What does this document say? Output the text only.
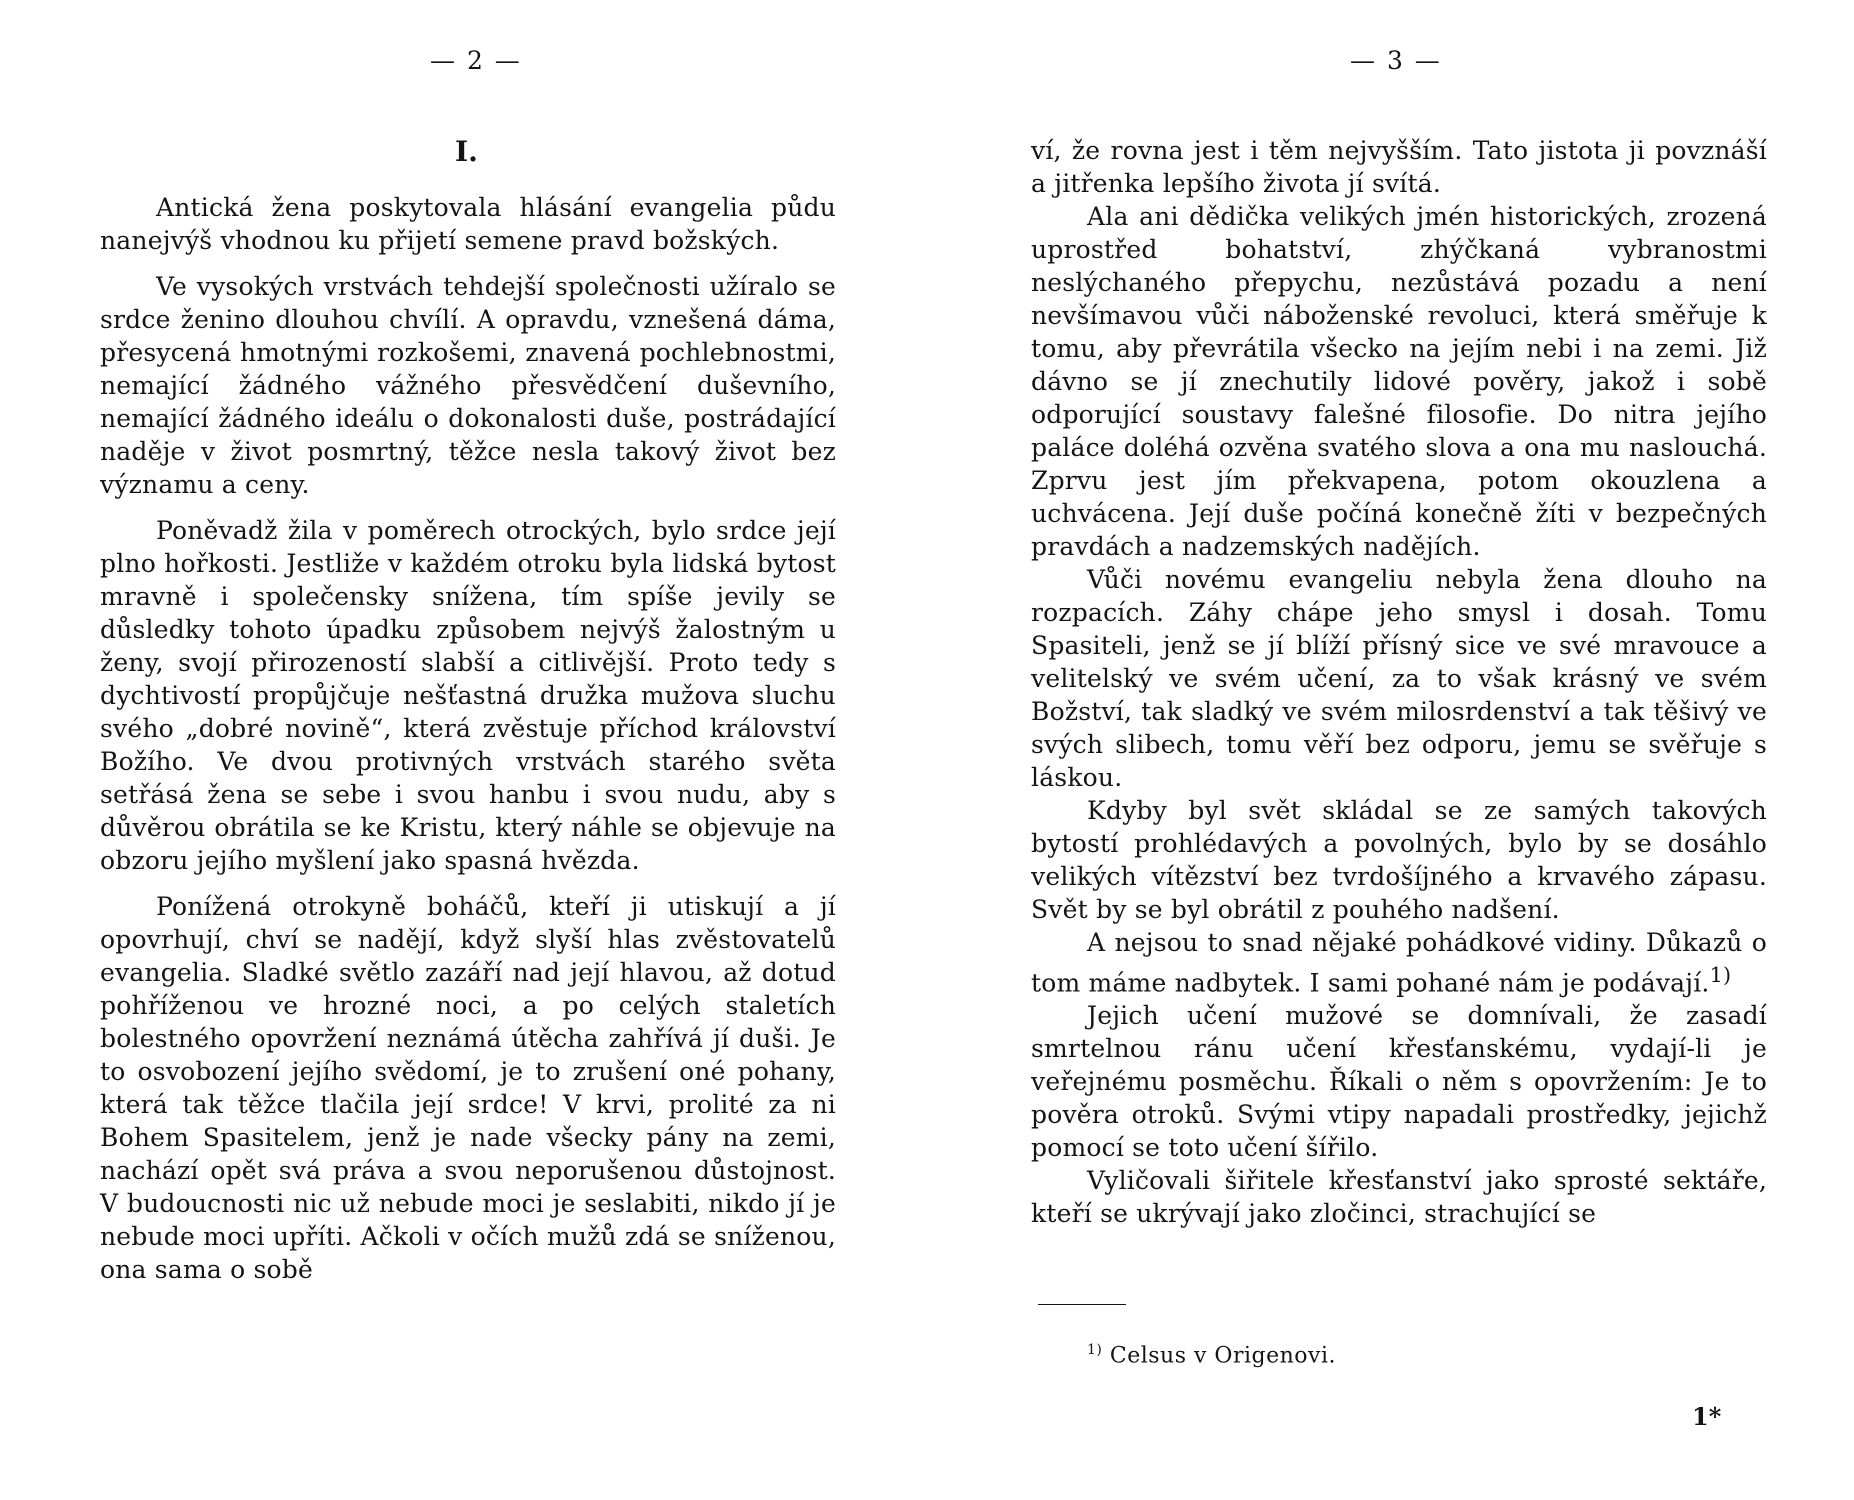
— 2 —
I.

Antická žena poskytovala hlásání evangelia půdu nanejvýš vhodnou ku přijetí semene pravd božských.

Ve vysokých vrstvách tehdejší společnosti užíralo se srdce ženino dlouhou chvílí. A opravdu, vznešená dáma, přesycená hmotnými rozkošemi, znavená pochlebnostmi, nemající žádného vážného přesvědčení duševního, nemající žádného ideálu o dokonalosti duše, postrádající naděje v život posmrtný, těžce nesla takový život bez významu a ceny.

Poněvadž žila v poměrech otrockých, bylo srdce její plno hořkosti. Jestliže v každém otroku byla lidská bytost mravně i společensky snížena, tím spíše jevily se důsledky tohoto úpadku způsobem nejvýš žalostným u ženy, svojí přirozeností slabší a citlivější. Proto tedy s dychtivostí propůjčuje nešťastná družka mužova sluchu svého „dobré novině“, která zvěstuje příchod království Božího. Ve dvou protivných vrstvách starého světa setřásá žena se sebe i svou hanbu i svou nudu, aby s důvěrou obrátila se ke Kristu, který náhle se objevuje na obzoru jejího myšlení jako spasná hvězda.

Ponížená otrokyně boháčů, kteří ji utiskují a jí opovrhují, chví se nadějí, když slyší hlas zvěstovatelů evangelia. Sladké světlo zazáří nad její hlavou, až dotud pohříženou ve hrozné noci, a po celých staletích bolestného opovržení neznámá útěcha zahřívá jí duši. Je to osvobození jejího svědomí, je to zrušení oné pohany, která tak těžce tlačila její srdce! V krvi, prolité za ni Bohem Spasitelem, jenž je nade všecky pány na zemi, nachází opět svá práva a svou neporušenou důstojnost. V budoucnosti nic už nebude moci je seslabiti, nikdo jí je nebude moci upříti. Ačkoli v očích mužů zdá se sníženou, ona sama o sobě

— 3 —

ví, že rovna jest i těm nejvyšším. Tato jistota ji povznáší a jitřenka lepšího života jí svítá.

Ala ani dědička velikých jmén historických, zrozená uprostřed bohatství, zhýčkaná vybranostmi neslýchaného přepychu, nezůstává pozadu a není nevšímavou vůči náboženské revoluci, která směřuje k tomu, aby převrátila všecko na jejím nebi i na zemi. Již dávno se jí znechutily lidové pověry, jakož i sobě odporující soustavy falešné filosofie. Do nitra jejího paláce doléhá ozvěna svatého slova a ona mu naslouchá. Zprvu jest jím překvapena, potom okouzlena a uchvácena. Její duše počíná konečně žíti v bezpečných pravdách a nadzemských nadějích.

Vůči novému evangeliu nebyla žena dlouho na rozpacích. Záhy chápe jeho smysl i dosah. Tomu Spasiteli, jenž se jí blíží přísný sice ve své mravouce a velitelský ve svém učení, za to však krásný ve svém Božství, tak sladký ve svém milosrdenství a tak těšivý ve svých slibech, tomu věří bez odporu, jemu se svěřuje s láskou.

Kdyby byl svět skládal se ze samých takových bytostí prohlédavých a povolných, bylo by se dosáhlo velikých vítězství bez tvrdošíjného a krvavého zápasu. Svět by se byl obrátil z pouhého nadšení.

A nejsou to snad nějaké pohádkové vidiny. Důkazů o tom máme nadbytek. I sami pohané nám je podávají.$^{1)}$

Jejich učení mužové se domnívali, že zasadí smrtelnou ránu učení křesťanskému, vydají-li je veřejnému posměchu. Říkali o něm s opovržením: Je to pověra otroků. Svými vtipy napadali prostředky, jejichž pomocí se toto učení šířilo.

Vyličovali šiřitele křesťanství jako sprosté sektáře, kteří se ukrývají jako zločinci, strachující se

$^{1)}$ Celsus v Origenovi.
1*
